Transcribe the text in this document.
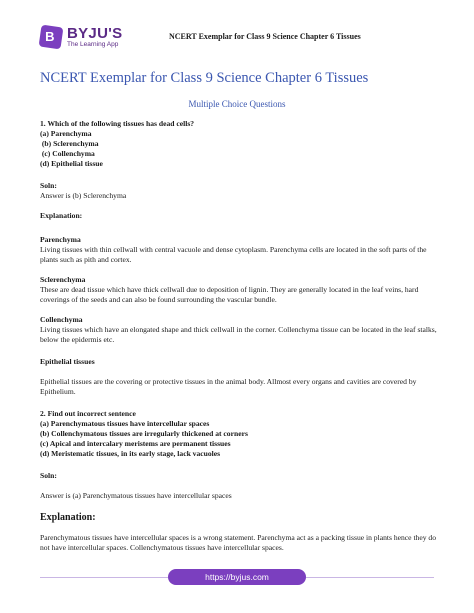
B BYJU'S
The Learning App
NCERT Exemplar for Class 9 Science Chapter 6 Tissues
NCERT Exemplar for Class 9 Science Chapter 6 Tissues
Multiple Choice Questions

1. Which of the following tissues has dead cells?

(a) Parenchyma

(b) Sclerenchyma

(c) Collenchyma

(d) Epithelial tissue

Soln:

Answer is (b) Sclerenchyma

Explanation:

Parenchyma

Living tissues with thin cellwall with central vacuole and dense cytoplasm. Parenchyma cells are located in the soft parts of the plants such as pith and cortex.

Sclerenchyma

These are dead tissue which have thick cellwall due to deposition of lignin. They are generally located in the leaf veins, hard coverings of the seeds and can also be found surrounding the vascular bundle.

Collenchyma

Living tissues which have an elongated shape and thick cellwall in the corner. Collenchyma tissue can be located in the leaf stalks, below the epidermis etc.

Epithelial tissues

Epithelial tissues are the covering or protective tissues in the animal body. Allmost every organs and cavities are covered by Epithelium.

2. Find out incorrect sentence

(a) Parenchymatous tissues have intercellular spaces

(b) Collenchymatous tissues are irregularly thickened at corners

(c) Apical and intercalary meristems are permanent tissues

(d) Meristematic tissues, in its early stage, lack vacuoles

Soln:

Answer is (a) Parenchymatous tissues have intercellular spaces

Explanation:

Parenchymatous tissues have intercellular spaces is a wrong statement. Parenchyma act as a packing tissue in plants hence they do not have intercellular spaces. Collenchymatous tissues have intercellular spaces.

https://byjus.com
